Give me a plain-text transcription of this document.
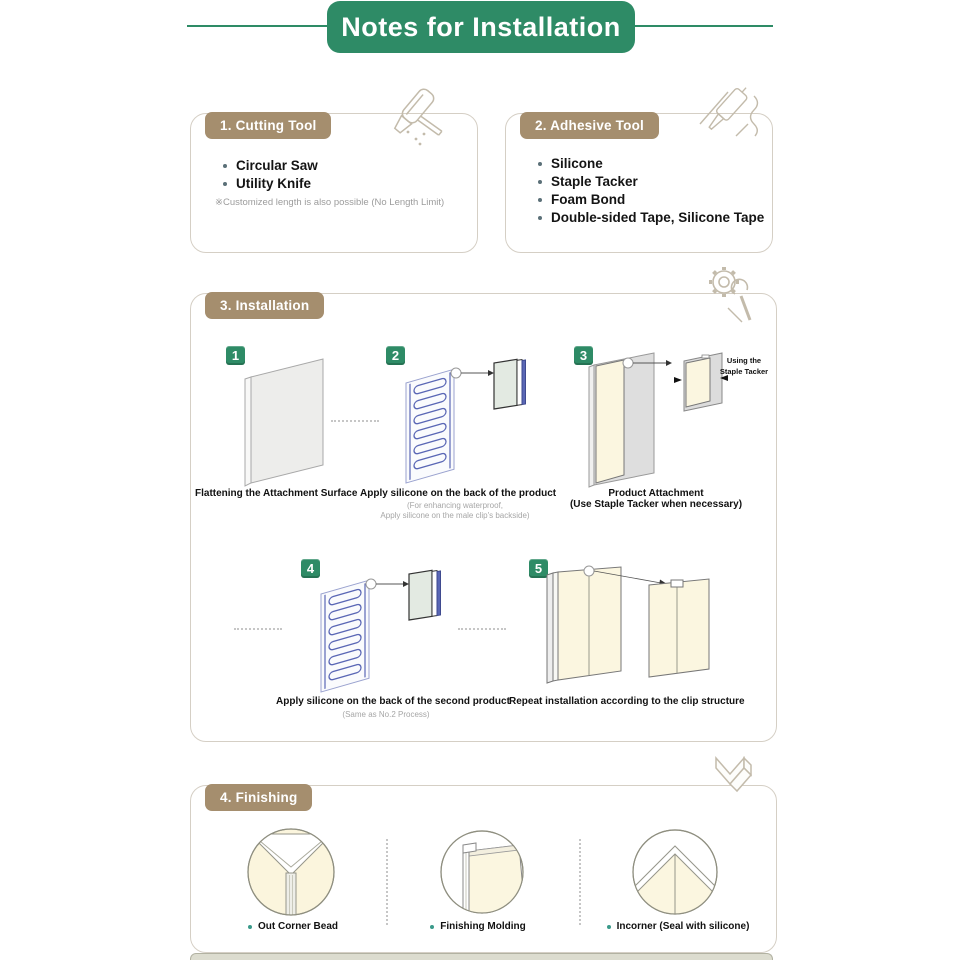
Notes for Installation
1. Cutting Tool
Circular Saw
Utility Knife
※Customized length is also possible (No Length Limit)
2. Adhesive Tool
Silicone
Staple Tacker
Foam Bond
Double-sided Tape, Silicone Tape
3. Installation
1	2	3
4	5
Using the Staple Tacker
Flattening the Attachment Surface Apply silicone on the back of the product
(For enhancing waterproof,
Apply silicone on the male clip's backside)
Product Attachment
(Use Staple Tacker when necessary)
Apply silicone on the back of the second product
(Same as No.2 Process)
Repeat installation according to the clip structure
4. Finishing
Out Corner Bead	Finishing Molding	Incorner (Seal with silicone)
